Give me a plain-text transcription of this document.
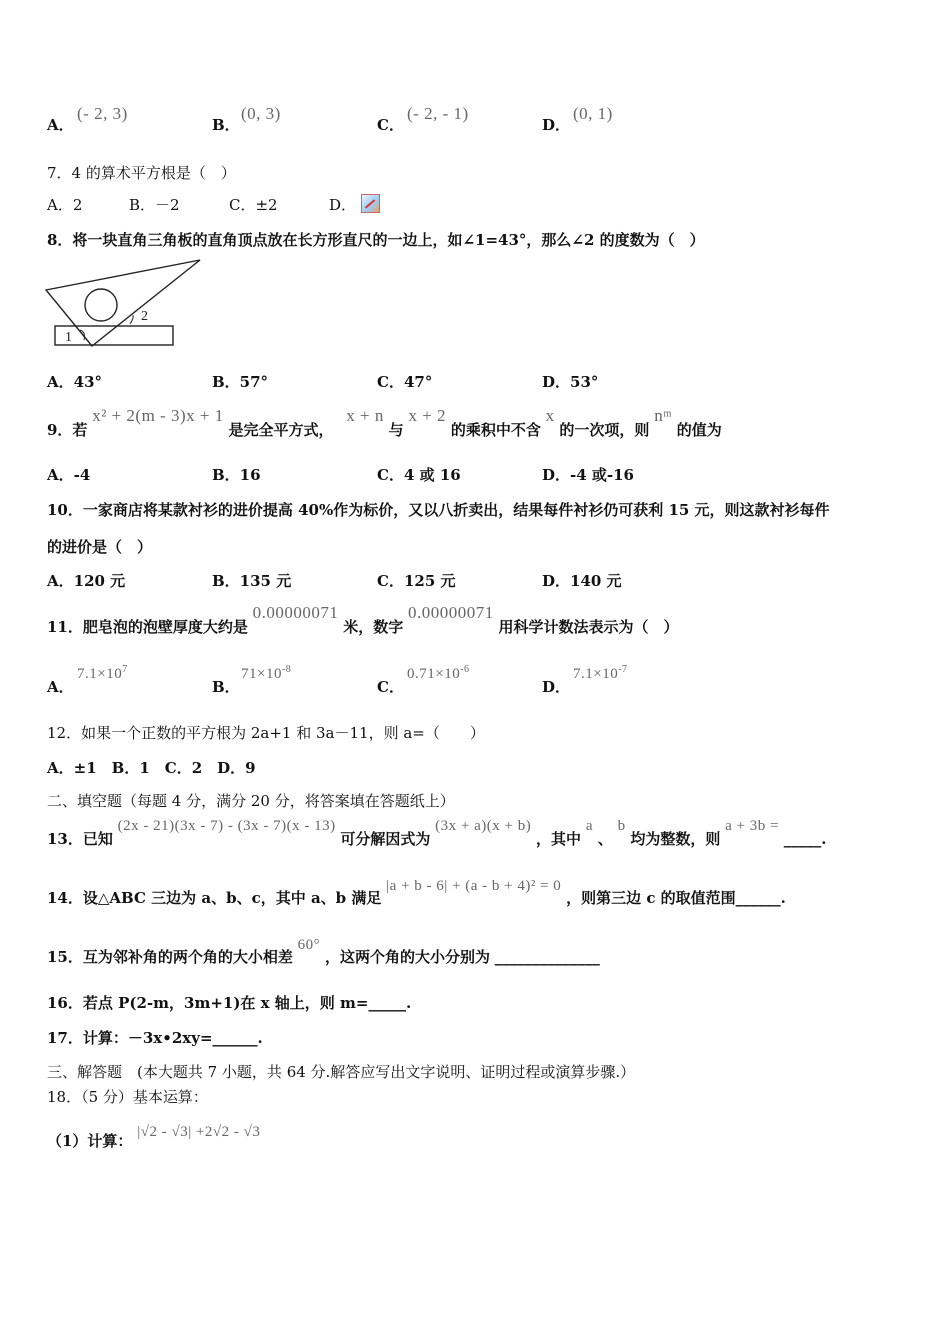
A．
(- 2, 3)
B．
(0, 3)
C．
(- 2, - 1)
D．
(0, 1)
7．4 的算术平方根是（　）
A．2	B．－2	C．±2	D．
8．将一块直角三角板的直角顶点放在长方形直尺的一边上，如∠1=43°，那么∠2 的度数为（　）
2
1
A．43°	B．57°	C．47°	D．53°
9．若 x² + 2(m - 3)x + 1 是完全平方式， x + n 与 x + 2 的乘积中不含 x 的一次项，则 nᵐ 的值为
A．-4	B．16	C．4 或 16	D．-4 或-16
10．一家商店将某款衬衫的进价提高 40%作为标价，又以八折卖出，结果每件衬衫仍可获利 15 元，则这款衬衫每件
的进价是（　）
A．120 元	B．135 元	C．125 元	D．140 元
11．肥皂泡的泡壁厚度大约是 0.00000071 米，数字 0.00000071 用科学计数法表示为（　）
A．
$7.1\times 10^7$
B．
$71\times 10^{-8}$
C．
$0.71\times 10^{-6}$
D．
$7.1\times 10^{-7}$
12．如果一个正数的平方根为 2a+1 和 3a－11，则 a=（　　）
A．±1　B．1　C．2　D．9
二、填空题（每题 4 分，满分 20 分，将答案填在答题纸上）
13．已知 (2x - 21)(3x - 7) - (3x - 7)(x - 13) 可分解因式为 (3x + a)(x + b) ，其中 a 、 b 均为整数，则 a + 3b = _____.
14．设△ABC 三边为 a、b、c，其中 a、b 满足 |a + b - 6| + (a - b + 4)² = 0 ，则第三边 c 的取值范围______.
15．互为邻补角的两个角的大小相差 60° ，这两个角的大小分别为 ______________
16．若点 P(2-m，3m+1)在 x 轴上，则 m=_____.
17．计算：－3x•2xy=______.
三、解答题　(本大题共 7 小题，共 64 分.解答应写出文字说明、证明过程或演算步骤.）
18．（5 分）基本运算：
（1）计算： |√2 - √3| +2√2 - √3
